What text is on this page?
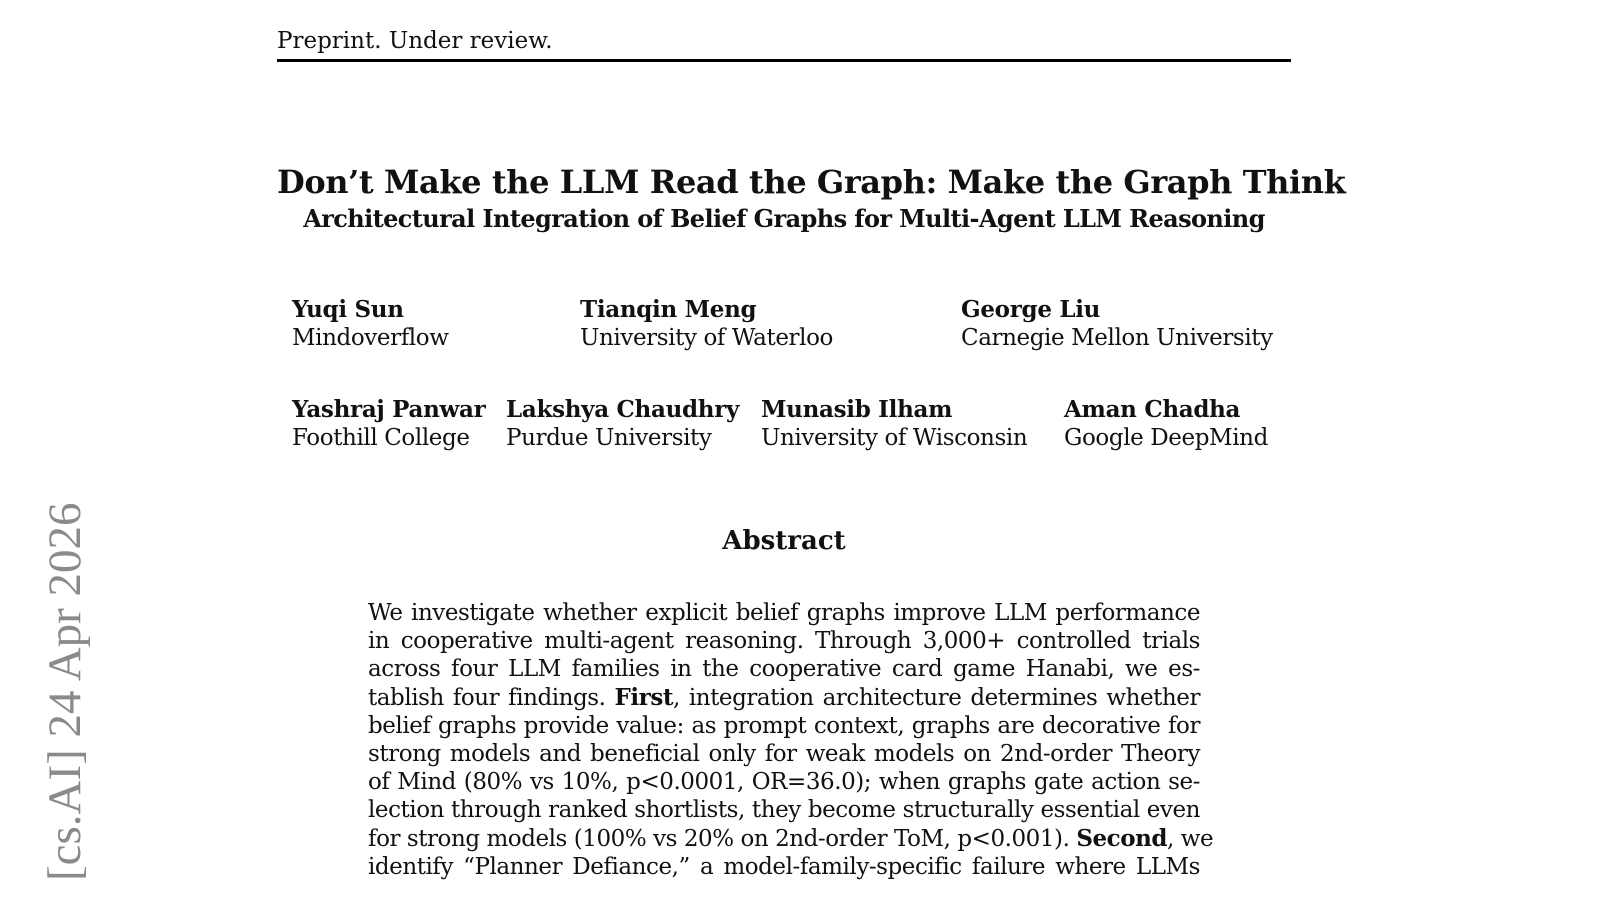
Preprint. Under review.
Don’t Make the LLM Read the Graph: Make the Graph Think
Architectural Integration of Belief Graphs for Multi-Agent LLM Reasoning
Yuqi Sun
Mindoverflow
Tianqin Meng
University of Waterloo
George Liu
Carnegie Mellon University
Yashraj Panwar
Foothill College
Lakshya Chaudhry
Purdue University
Munasib Ilham
University of Wisconsin
Aman Chadha
Google DeepMind
Abstract
We investigate whether explicit belief graphs improve LLM performance
in cooperative multi-agent reasoning. Through 3,000+ controlled trials
across four LLM families in the cooperative card game Hanabi, we es-
tablish four findings. First, integration architecture determines whether
belief graphs provide value: as prompt context, graphs are decorative for
strong models and beneficial only for weak models on 2nd-order Theory
of Mind (80% vs 10%, p<0.0001, OR=36.0); when graphs gate action se-
lection through ranked shortlists, they become structurally essential even
for strong models (100% vs 20% on 2nd-order ToM, p<0.001). Second, we
identify “Planner Defiance,” a model-family-specific failure where LLMs
[cs.AI] 24 Apr 2026
